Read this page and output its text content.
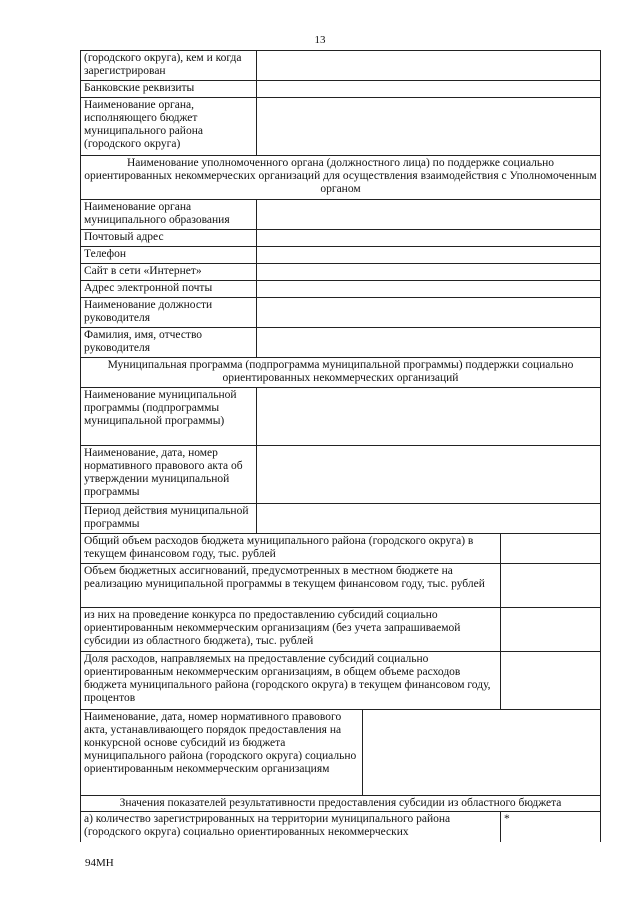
13
(городского округа), кем и когда зарегистрирован			
Банковские реквизиты			
Наименование органа, исполняющего бюджет муниципального района (городского округа)			
Наименование уполномоченного органа (должностного лица) по поддержке социально ориентированных некоммерческих организаций для осуществления взаимодействия с Уполномоченным органом			
Наименование органа муниципального образования			
Почтовый адрес			
Телефон			
Сайт в сети «Интернет»			
Адрес электронной почты			
Наименование должности руководителя			
Фамилия, имя, отчество руководителя			
Муниципальная программа (подпрограмма муниципальной программы) поддержки социально ориентированных некоммерческих организаций			
Наименование муниципальной программы (подпрограммы муниципальной программы)			
Наименование, дата, номер нормативного правового акта об утверждении муниципальной программы			
Период действия муниципальной программы			
Общий объем расходов бюджета муниципального района (городского округа) в текущем финансовом году, тыс. рублей			
Объем бюджетных ассигнований, предусмотренных в местном бюджете на реализацию муниципальной программы в текущем финансовом году, тыс. рублей			
из них на проведение конкурса по предоставлению субсидий социально ориентированным некоммерческим организациям (без учета запрашиваемой субсидии из областного бюджета), тыс. рублей			
Доля расходов, направляемых на предоставление субсидий социально ориентированным некоммерческим организациям, в общем объеме расходов бюджета муниципального района (городского округа) в текущем финансовом году, процентов			
Наименование, дата, номер нормативного правового акта, устанавливающего порядок предоставления на конкурсной основе субсидий из бюджета муниципального района (городского округа) социально ориентированным некоммерческим организациям			
Значения показателей результативности предоставления субсидии из областного бюджета			
а) количество зарегистрированных на территории муниципального района (городского округа) социально ориентированных некоммерческих			*
94МН
